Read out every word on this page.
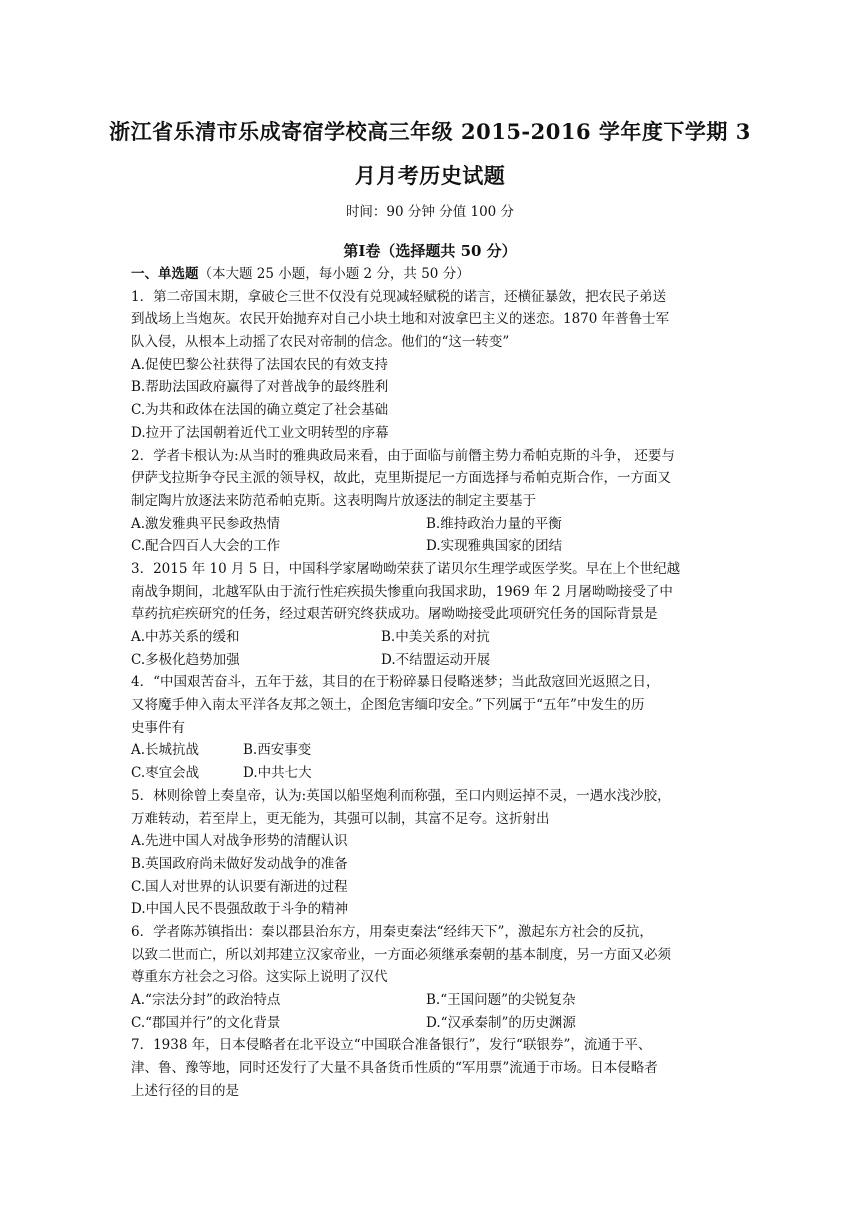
浙江省乐清市乐成寄宿学校高三年级 2015-2016 学年度下学期 3
月月考历史试题
时间：90 分钟 分值 100 分
第Ⅰ卷（选择题共 50 分）
一、单选题（本大题 25 小题，每小题 2 分，共 50 分）
1．第二帝国末期，拿破仑三世不仅没有兑现减轻赋税的诺言，还横征暴敛，把农民子弟送
到战场上当炮灰。农民开始抛弃对自己小块土地和对波拿巴主义的迷恋。1870 年普鲁士军
队入侵，从根本上动摇了农民对帝制的信念。他们的“这一转变”
A.促使巴黎公社获得了法国农民的有效支持
B.帮助法国政府赢得了对普战争的最终胜利
C.为共和政体在法国的确立奠定了社会基础
D.拉开了法国朝着近代工业文明转型的序幕
2．学者卡根认为:从当时的雅典政局来看，由于面临与前僭主势力希帕克斯的斗争， 还要与
伊萨戈拉斯争夺民主派的领导权，故此，克里斯提尼一方面选择与希帕克斯合作，一方面又
制定陶片放逐法来防范希帕克斯。这表明陶片放逐法的制定主要基于
A.激发雅典平民参政热情	B.维持政治力量的平衡
C.配合四百人大会的工作	D.实现雅典国家的团结
3．2015 年 10 月 5 日，中国科学家屠呦呦荣获了诺贝尔生理学或医学奖。早在上个世纪越
南战争期间，北越军队由于流行性疟疾损失惨重向我国求助，1969 年 2 月屠呦呦接受了中
草药抗疟疾研究的任务，经过艰苦研究终获成功。屠呦呦接受此项研究任务的国际背景是
A.中苏关系的缓和	B.中美关系的对抗
C.多极化趋势加强	D.不结盟运动开展
4．“中国艰苦奋斗，五年于兹，其目的在于粉碎暴日侵略迷梦；当此敌寇回光返照之日，
又将魔手伸入南太平洋各友邦之领土，企图危害缅印安全。”下列属于“五年”中发生的历
史事件有
A.长城抗战	B.西安事变
C.枣宜会战	D.中共七大
5．林则徐曾上奏皇帝，认为:英国以船坚炮利而称强，至口内则运掉不灵，一遇水浅沙胶，
万难转动，若至岸上，更无能为，其强可以制，其富不足夸。这折射出
A.先进中国人对战争形势的清醒认识
B.英国政府尚未做好发动战争的准备
C.国人对世界的认识要有渐进的过程
D.中国人民不畏强敌敢于斗争的精神
6．学者陈苏镇指出：秦以郡县治东方，用秦吏秦法“经纬天下”，激起东方社会的反抗，
以致二世而亡，所以刘邦建立汉家帝业，一方面必须继承秦朝的基本制度，另一方面又必须
尊重东方社会之习俗。这实际上说明了汉代
A.“宗法分封”的政治特点	B.“王国问题”的尖锐复杂
C.“郡国并行”的文化背景	D.“汉承秦制”的历史渊源
7．1938 年，日本侵略者在北平设立“中国联合准备银行”，发行“联银券”，流通于平、
津、鲁、豫等地，同时还发行了大量不具备货币性质的“军用票”流通于市场。日本侵略者
上述行径的目的是
